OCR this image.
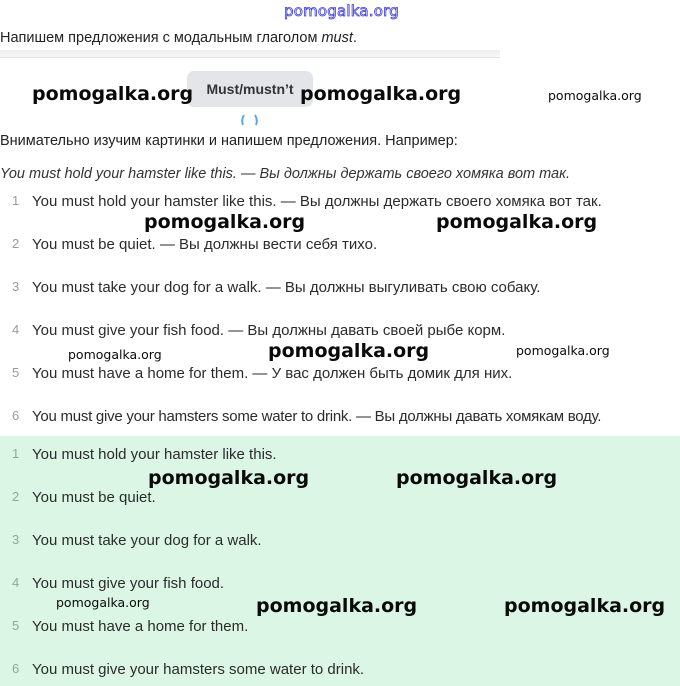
pomogalka.org
Напишем предложения с модальным глаголом must.
Must/mustn’t
Внимательно изучим картинки и напишем предложения. Например:
You must hold your hamster like this. — Вы должны держать своего хомяка вот так.
1 You must hold your hamster like this. — Вы должны держать своего хомяка вот так.
2 You must be quiet. — Вы должны вести себя тихо.
3 You must take your dog for a walk. — Вы должны выгуливать свою собаку.
4 You must give your fish food. — Вы должны давать своей рыбе корм.
5 You must have a home for them. — У вас должен быть домик для них.
6 You must give your hamsters some water to drink. — Вы должны давать хомякам воду.
1 You must hold your hamster like this.
2 You must be quiet.
3 You must take your dog for a walk.
4 You must give your fish food.
5 You must have a home for them.
6 You must give your hamsters some water to drink.
pomogalka.org	pomogalka.org	pomogalka.org
pomogalka.org	pomogalka.org
pomogalka.org	pomogalka.org	pomogalka.org
pomogalka.org	pomogalka.org
pomogalka.org	pomogalka.org	pomogalka.org
